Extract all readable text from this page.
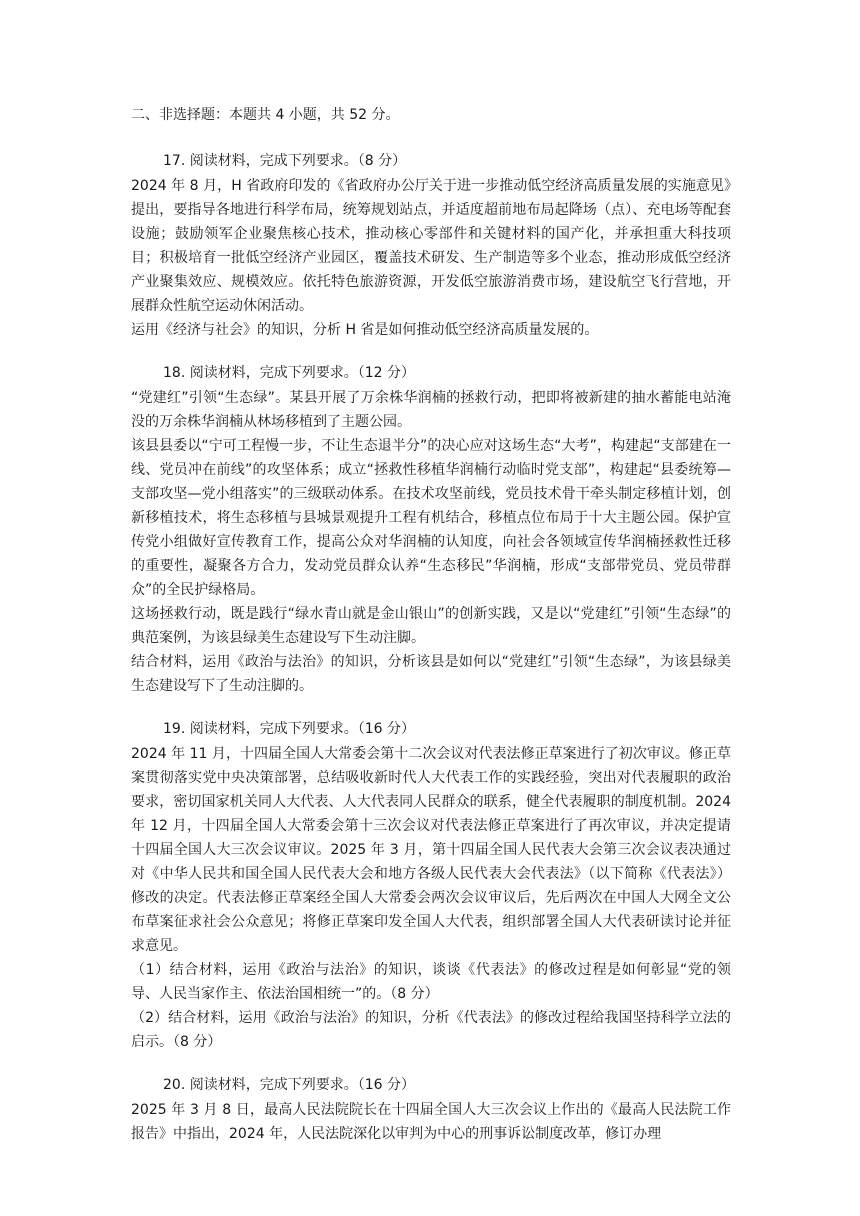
二、非选择题：本题共 4 小题，共 52 分。

17. 阅读材料，完成下列要求。（8 分）

2024 年 8 月，H 省政府印发的《省政府办公厅关于进一步推动低空经济高质量发展的实施意见》提出，要指导各地进行科学布局，统筹规划站点，并适度超前地布局起降场（点）、充电场等配套设施；鼓励领军企业聚焦核心技术，推动核心零部件和关键材料的国产化，并承担重大科技项目；积极培育一批低空经济产业园区，覆盖技术研发、生产制造等多个业态，推动形成低空经济产业聚集效应、规模效应。依托特色旅游资源，开发低空旅游消费市场，建设航空飞行营地，开展群众性航空运动休闲活动。

运用《经济与社会》的知识，分析 H 省是如何推动低空经济高质量发展的。

18. 阅读材料，完成下列要求。（12 分）

“党建红”引领“生态绿”。某县开展了万余株华润楠的拯救行动，把即将被新建的抽水蓄能电站淹没的万余株华润楠从林场移植到了主题公园。

该县县委以“宁可工程慢一步，不让生态退半分”的决心应对这场生态“大考”，构建起“支部建在一线、党员冲在前线”的攻坚体系；成立“拯救性移植华润楠行动临时党支部”，构建起“县委统筹—支部攻坚—党小组落实”的三级联动体系。在技术攻坚前线，党员技术骨干牵头制定移植计划，创新移植技术，将生态移植与县城景观提升工程有机结合，移植点位布局于十大主题公园。保护宣传党小组做好宣传教育工作，提高公众对华润楠的认知度，向社会各领域宣传华润楠拯救性迁移的重要性，凝聚各方合力，发动党员群众认养“生态移民”华润楠，形成“支部带党员、党员带群众”的全民护绿格局。

这场拯救行动，既是践行“绿水青山就是金山银山”的创新实践，又是以“党建红”引领“生态绿”的典范案例，为该县绿美生态建设写下生动注脚。

结合材料，运用《政治与法治》的知识，分析该县是如何以“党建红”引领“生态绿”，为该县绿美生态建设写下了生动注脚的。

19. 阅读材料，完成下列要求。（16 分）

2024 年 11 月，十四届全国人大常委会第十二次会议对代表法修正草案进行了初次审议。修正草案贯彻落实党中央决策部署，总结吸收新时代人大代表工作的实践经验，突出对代表履职的政治要求，密切国家机关同人大代表、人大代表同人民群众的联系，健全代表履职的制度机制。2024 年 12 月，十四届全国人大常委会第十三次会议对代表法修正草案进行了再次审议，并决定提请十四届全国人大三次会议审议。2025 年 3 月，第十四届全国人民代表大会第三次会议表决通过对《中华人民共和国全国人民代表大会和地方各级人民代表大会代表法》（以下简称《代表法》）修改的决定。代表法修正草案经全国人大常委会两次会议审议后，先后两次在中国人大网全文公布草案征求社会公众意见；将修正草案印发全国人大代表，组织部署全国人大代表研读讨论并征求意见。

（1）结合材料，运用《政治与法治》的知识，谈谈《代表法》的修改过程是如何彰显“党的领导、人民当家作主、依法治国相统一”的。（8 分）

（2）结合材料，运用《政治与法治》的知识，分析《代表法》的修改过程给我国坚持科学立法的启示。（8 分）

20. 阅读材料，完成下列要求。（16 分）

2025 年 3 月 8 日，最高人民法院院长在十四届全国人大三次会议上作出的《最高人民法院工作报告》中指出，2024 年，人民法院深化以审判为中心的刑事诉讼制度改革，修订办理
